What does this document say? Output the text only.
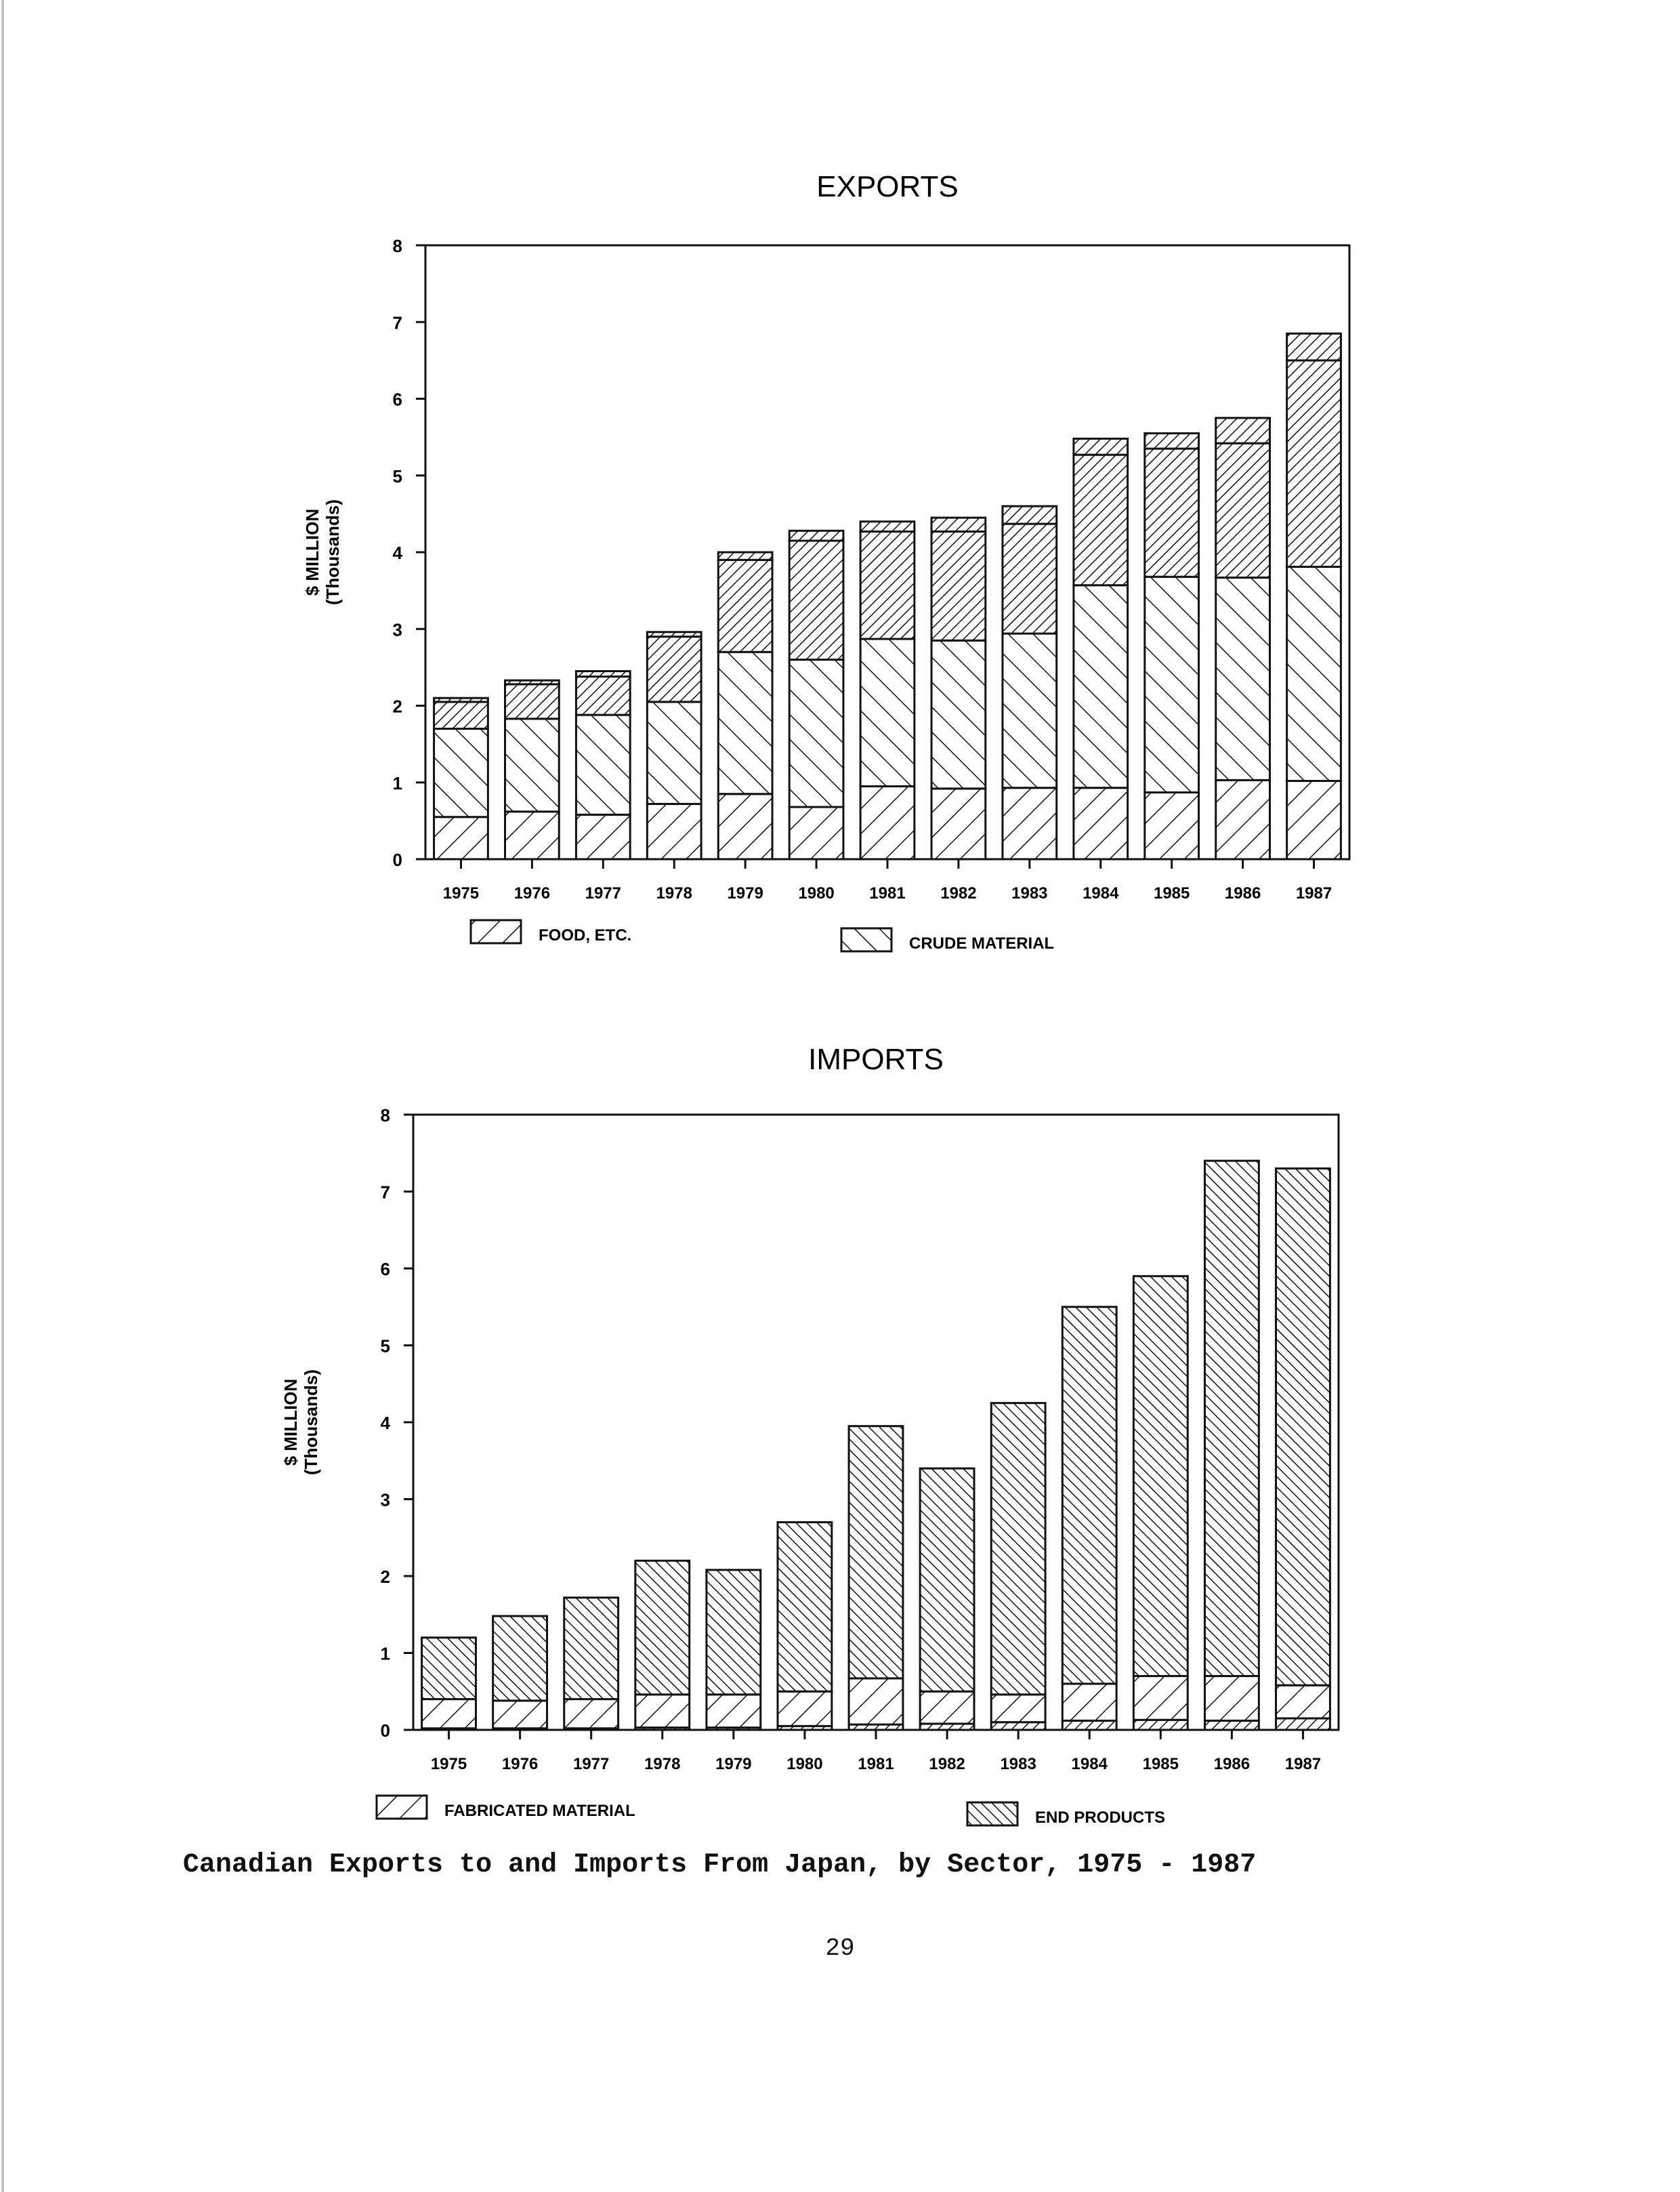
EXPORTS
0
1
2
3
4
5
6
7
8
$ MILLION (Thousands)
1975 1976 1977 1978 1979 1980 1981 1982 1983 1984 1985 1986 1987
FOOD, ETC.	CRUDE MATERIAL
IMPORTS
0
1
2
3
4
5
6
7
8
$ MILLION (Thousands)
1975 1976 1977 1978 1979 1980 1981 1982 1983 1984 1985 1986 1987
FABRICATED MATERIAL	END PRODUCTS
Canadian Exports to and Imports From Japan, by Sector, 1975 - 1987
29
